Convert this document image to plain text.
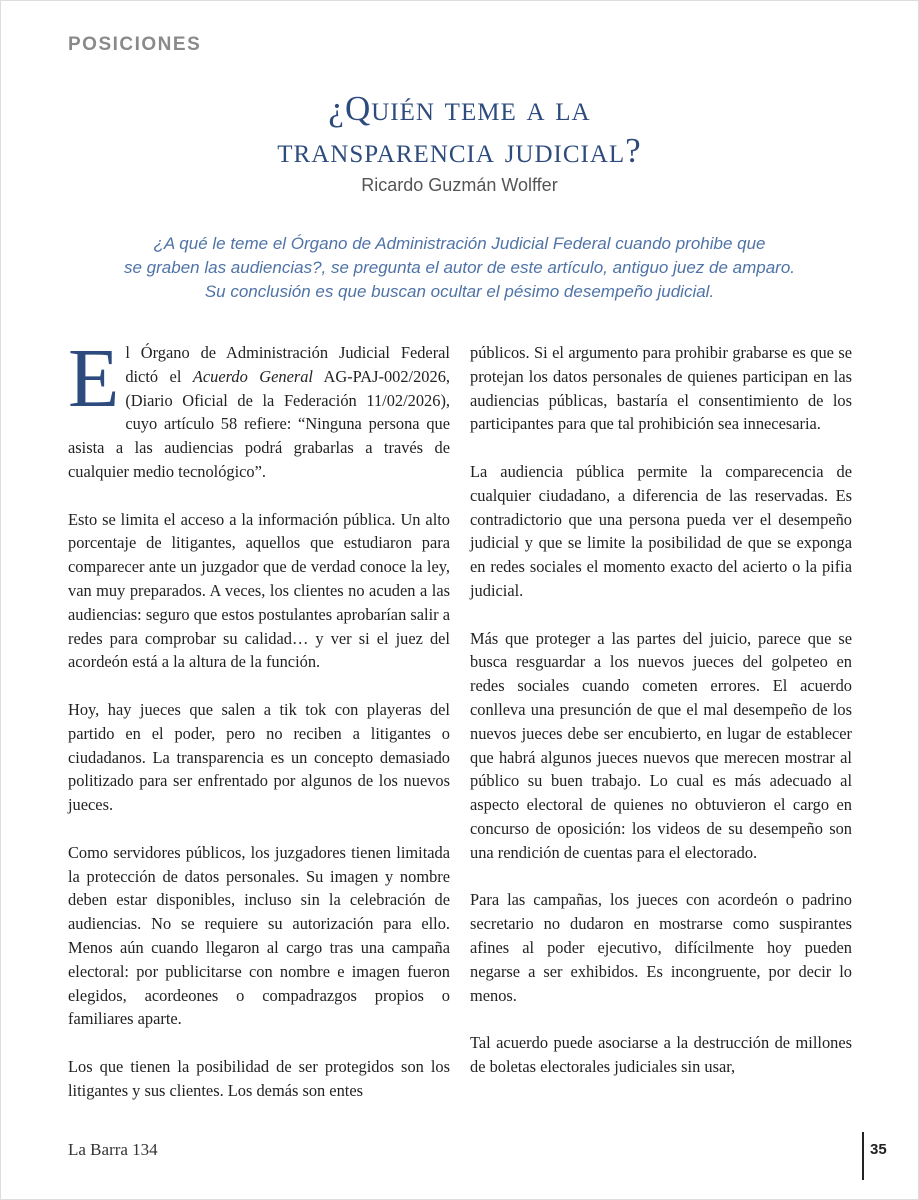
POSICIONES
¿Quién teme a la
transparencia judicial?
Ricardo Guzmán Wolffer
¿A qué le teme el Órgano de Administración Judicial Federal cuando prohibe que
se graben las audiencias?, se pregunta el autor de este artículo, antiguo juez de amparo.
Su conclusión es que buscan ocultar el pésimo desempeño judicial.

El Órgano de Administración Judicial Federal dictó el Acuerdo General AG-PAJ-002/2026, (Diario Oficial de la Federación 11/02/2026), cuyo artículo 58 refiere: “Ninguna persona que asista a las audiencias podrá grabarlas a través de cualquier medio tecnológico”.

Esto se limita el acceso a la información pública. Un alto porcentaje de litigantes, aquellos que estudiaron para comparecer ante un juzgador que de verdad conoce la ley, van muy preparados. A veces, los clientes no acuden a las audiencias: seguro que estos postulantes aprobarían salir a redes para comprobar su calidad… y ver si el juez del acordeón está a la altura de la función.

Hoy, hay jueces que salen a tik tok con playeras del partido en el poder, pero no reciben a litigantes o ciudadanos. La transparencia es un concepto demasiado politizado para ser enfrentado por algunos de los nuevos jueces.

Como servidores públicos, los juzgadores tienen limitada la protección de datos personales. Su imagen y nombre deben estar disponibles, incluso sin la celebración de audiencias. No se requiere su autorización para ello. Menos aún cuando llegaron al cargo tras una campaña electoral: por publicitarse con nombre e imagen fueron elegidos, acordeones o compadrazgos propios o familiares aparte.

Los que tienen la posibilidad de ser protegidos son los litigantes y sus clientes. Los demás son entes

públicos. Si el argumento para prohibir grabarse es que se protejan los datos personales de quienes participan en las audiencias públicas, bastaría el consentimiento de los participantes para que tal prohibición sea innecesaria.

La audiencia pública permite la comparecencia de cualquier ciudadano, a diferencia de las reservadas. Es contradictorio que una persona pueda ver el desempeño judicial y que se limite la posibilidad de que se exponga en redes sociales el momento exacto del acierto o la pifia judicial.

Más que proteger a las partes del juicio, parece que se busca resguardar a los nuevos jueces del golpeteo en redes sociales cuando cometen errores. El acuerdo conlleva una presunción de que el mal desempeño de los nuevos jueces debe ser encubierto, en lugar de establecer que habrá algunos jueces nuevos que merecen mostrar al público su buen trabajo. Lo cual es más adecuado al aspecto electoral de quienes no obtuvieron el cargo en concurso de oposición: los videos de su desempeño son una rendición de cuentas para el electorado.

Para las campañas, los jueces con acordeón o padrino secretario no dudaron en mostrarse como suspirantes afines al poder ejecutivo, difícilmente hoy pueden negarse a ser exhibidos. Es incongruente, por decir lo menos.

Tal acuerdo puede asociarse a la destrucción de millones de boletas electorales judiciales sin usar,

La Barra 134	35
